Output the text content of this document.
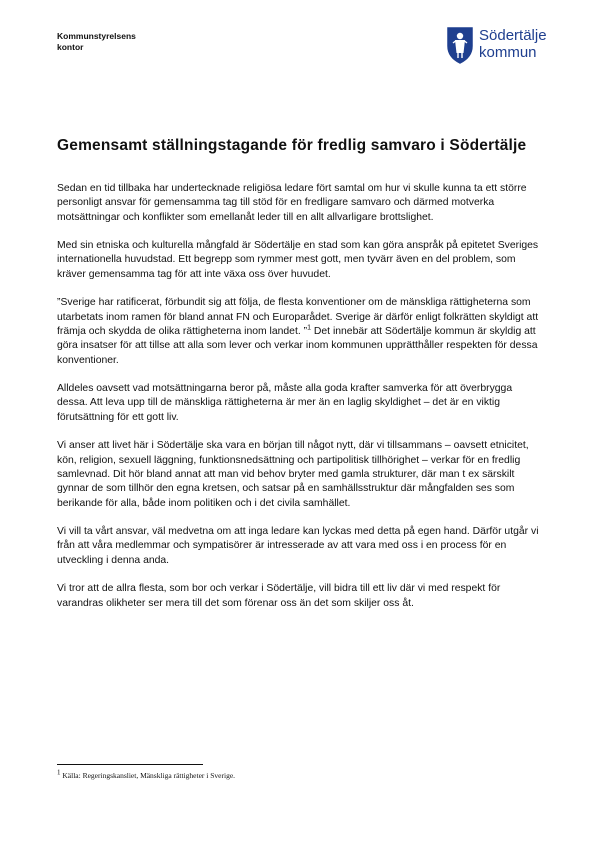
Kommunstyrelsens
kontor
Södertälje
kommun
Gemensamt ställningstagande för fredlig samvaro i Södertälje

Sedan en tid tillbaka har undertecknade religiösa ledare fört samtal om hur vi skulle kunna ta ett större personligt ansvar för gemensamma tag till stöd för en fredligare samvaro och därmed motverka motsättningar och konflikter som emellanåt leder till en allt allvarligare brottslighet.

Med sin etniska och kulturella mångfald är Södertälje en stad som kan göra anspråk på epitetet Sveriges internationella huvudstad. Ett begrepp som rymmer mest gott, men tyvärr även en del problem, som kräver gemensamma tag för att inte växa oss över huvudet.

”Sverige har ratificerat, förbundit sig att följa, de flesta konventioner om de mänskliga rättigheterna som utarbetats inom ramen för bland annat FN och Europarådet. Sverige är därför enligt folkrätten skyldigt att främja och skydda de olika rättigheterna inom landet. ”$^1$ Det innebär att Södertälje kommun är skyldig att göra insatser för att tillse att alla som lever och verkar inom kommunen upprätthåller respekten för dessa konventioner.

Alldeles oavsett vad motsättningarna beror på, måste alla goda krafter samverka för att överbrygga dessa. Att leva upp till de mänskliga rättigheterna är mer än en laglig skyldighet – det är en viktig förutsättning för ett gott liv.

Vi anser att livet här i Södertälje ska vara en början till något nytt, där vi tillsammans – oavsett etnicitet, kön, religion, sexuell läggning, funktionsnedsättning och partipolitisk tillhörighet – verkar för en fredlig samlevnad. Dit hör bland annat att man vid behov bryter med gamla strukturer, där man t ex särskilt gynnar de som tillhör den egna kretsen, och satsar på en samhällsstruktur där mångfalden ses som berikande för alla, både inom politiken och i det civila samhället.

Vi vill ta vårt ansvar, väl medvetna om att inga ledare kan lyckas med detta på egen hand. Därför utgår vi från att våra medlemmar och sympatisörer är intresserade av att vara med oss i en process för en utveckling i denna anda.

Vi tror att de allra flesta, som bor och verkar i Södertälje, vill bidra till ett liv där vi med respekt för varandras olikheter ser mera till det som förenar oss än det som skiljer oss åt.

$^1$ Källa: Regeringskansliet, Mänskliga rättigheter i Sverige.
